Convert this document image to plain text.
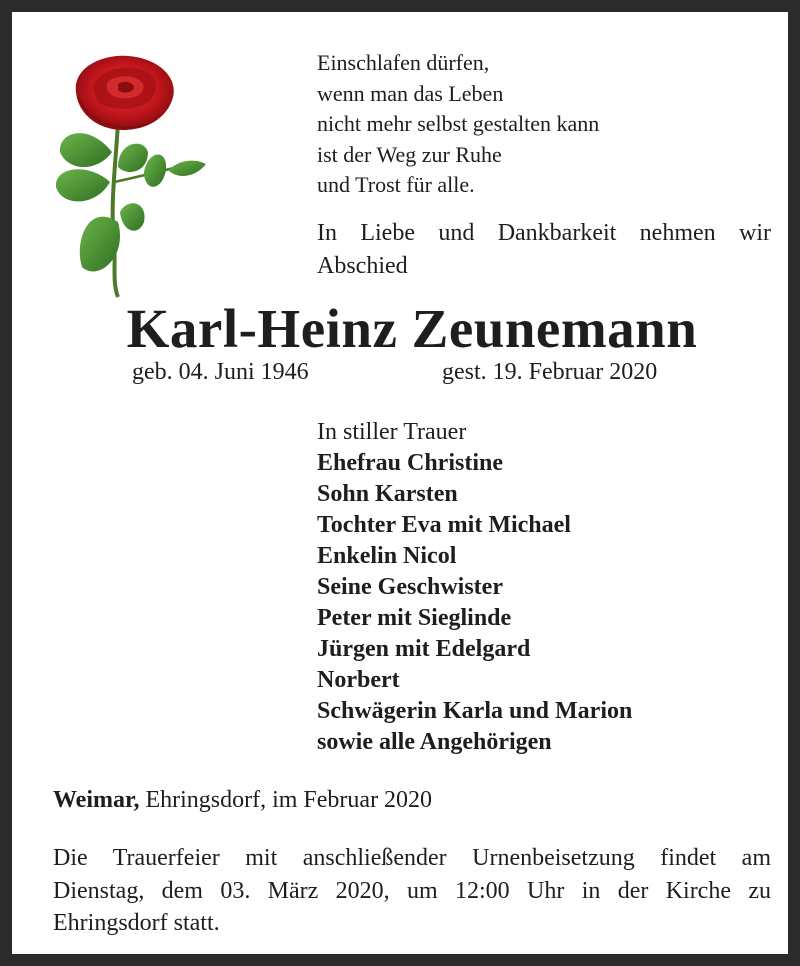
Einschlafen dürfen,
wenn man das Leben
nicht mehr selbst gestalten kann
ist der Weg zur Ruhe
und Trost für alle.
In Liebe und Dankbarkeit nehmen wir
Abschied
Karl-Heinz Zeunemann
geb. 04. Juni 1946	gest. 19. Februar 2020
In stiller Trauer
Ehefrau Christine
Sohn Karsten
Tochter Eva mit Michael
Enkelin Nicol
Seine Geschwister
Peter mit Sieglinde
Jürgen mit Edelgard
Norbert
Schwägerin Karla und Marion
sowie alle Angehörigen
Weimar, Ehringsdorf, im Februar 2020
Die Trauerfeier mit anschließender Urnenbeisetzung findet am
Dienstag, dem 03. März 2020, um 12:00 Uhr in der Kirche zu
Ehringsdorf statt.
